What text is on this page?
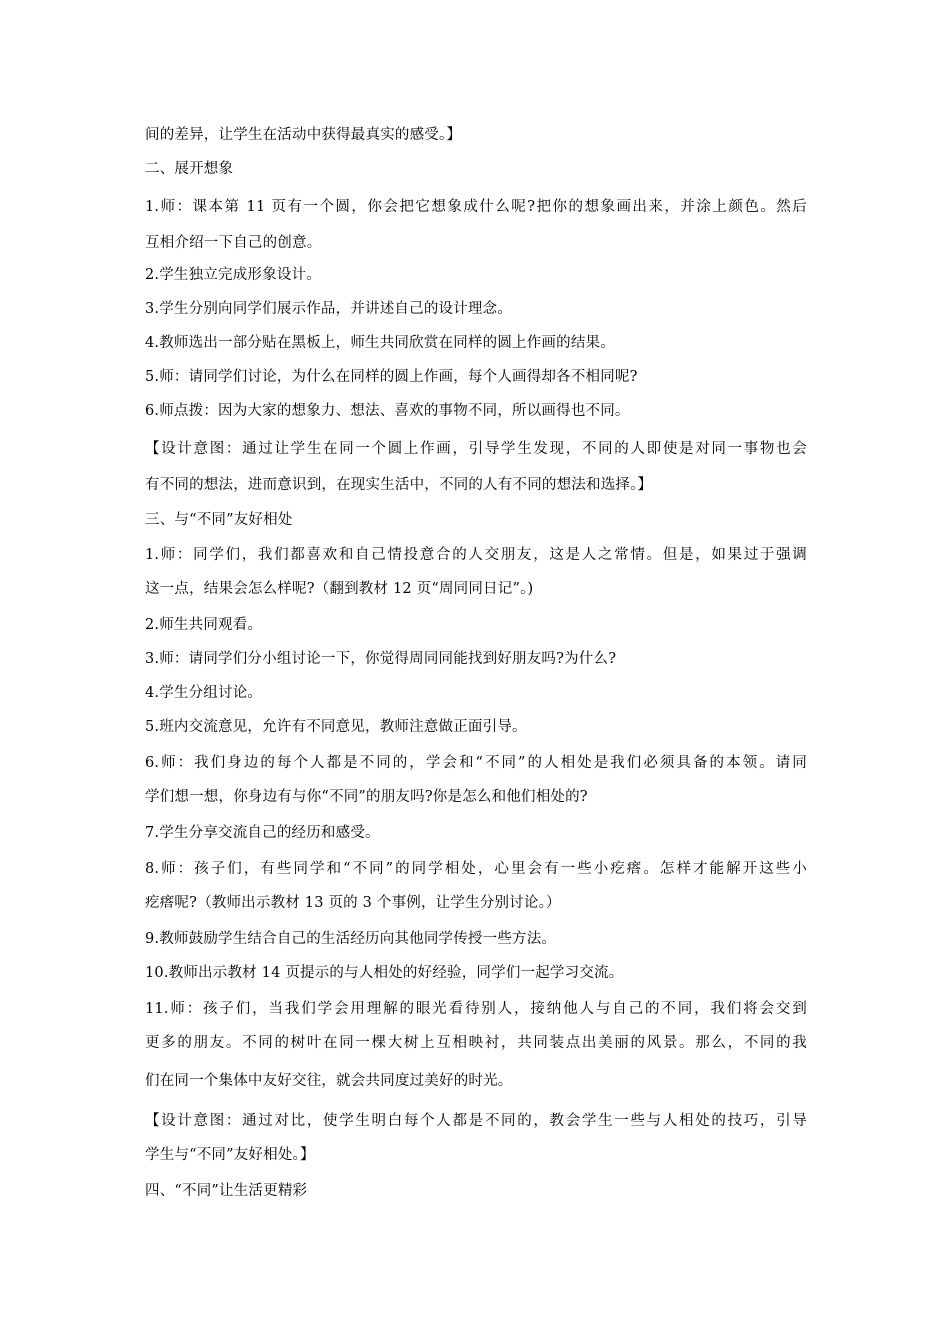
间的差异，让学生在活动中获得最真实的感受。】
二、展开想象
1.师：课本第 11 页有一个圆，你会把它想象成什么呢?把你的想象画出来，并涂上颜色。然后
互相介绍一下自己的创意。
2.学生独立完成形象设计。
3.学生分别向同学们展示作品，并讲述自己的设计理念。
4.教师选出一部分贴在黑板上，师生共同欣赏在同样的圆上作画的结果。
5.师：请同学们讨论，为什么在同样的圆上作画，每个人画得却各不相同呢?
6.师点拨：因为大家的想象力、想法、喜欢的事物不同，所以画得也不同。
【设计意图：通过让学生在同一个圆上作画，引导学生发现，不同的人即使是对同一事物也会
有不同的想法，进而意识到，在现实生活中，不同的人有不同的想法和选择。】
三、与“不同”友好相处
1.师：同学们，我们都喜欢和自己情投意合的人交朋友，这是人之常情。但是，如果过于强调
这一点，结果会怎么样呢?（翻到教材 12 页“周同同日记”。)
2.师生共同观看。
3.师：请同学们分小组讨论一下，你觉得周同同能找到好朋友吗?为什么?
4.学生分组讨论。
5.班内交流意见，允许有不同意见，教师注意做正面引导。
6.师：我们身边的每个人都是不同的，学会和“不同”的人相处是我们必须具备的本领。请同
学们想一想，你身边有与你“不同”的朋友吗?你是怎么和他们相处的?
7.学生分享交流自己的经历和感受。
8.师：孩子们，有些同学和“不同”的同学相处，心里会有一些小疙瘩。怎样才能解开这些小
疙瘩呢?（教师出示教材 13 页的 3 个事例，让学生分别讨论。）
9.教师鼓励学生结合自己的生活经历向其他同学传授一些方法。
10.教师出示教材 14 页提示的与人相处的好经验，同学们一起学习交流。
11.师：孩子们，当我们学会用理解的眼光看待别人，接纳他人与自己的不同，我们将会交到
更多的朋友。不同的树叶在同一棵大树上互相映衬，共同装点出美丽的风景。那么，不同的我
们在同一个集体中友好交往，就会共同度过美好的时光。
【设计意图：通过对比，使学生明白每个人都是不同的，教会学生一些与人相处的技巧，引导
学生与“不同”友好相处。】
四、“不同”让生活更精彩
